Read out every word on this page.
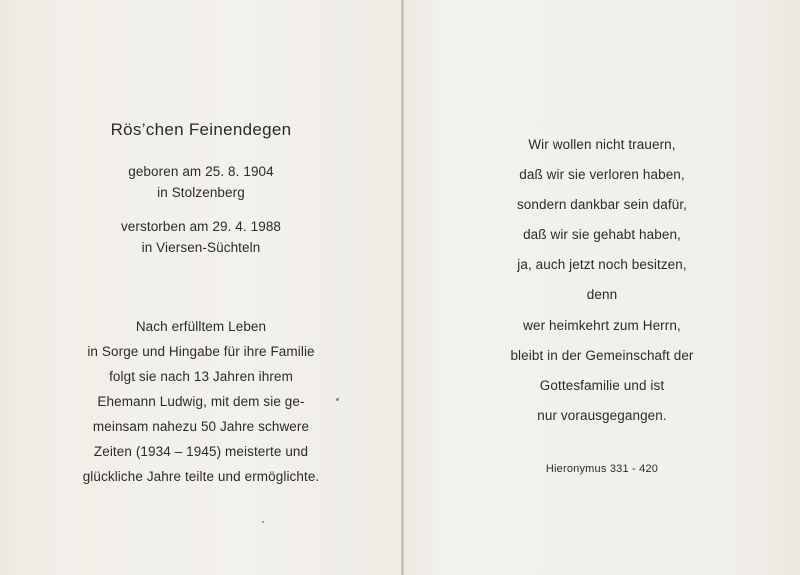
Rös’chen Feinendegen
geboren am 25. 8. 1904
in Stolzenberg
verstorben am 29. 4. 1988
in Viersen-Süchteln
Nach erfülltem Leben
in Sorge und Hingabe für ihre Familie
folgt sie nach 13 Jahren ihrem
Ehemann Ludwig, mit dem sie ge-
meinsam nahezu 50 Jahre schwere
Zeiten (1934 – 1945) meisterte und
glückliche Jahre teilte und ermöglichte.
Wir wollen nicht trauern,
daß wir sie verloren haben,
sondern dankbar sein dafür,
daß wir sie gehabt haben,
ja, auch jetzt noch besitzen,
denn
wer heimkehrt zum Herrn,
bleibt in der Gemeinschaft der
Gottesfamilie und ist
nur vorausgegangen.
Hieronymus 331 - 420
